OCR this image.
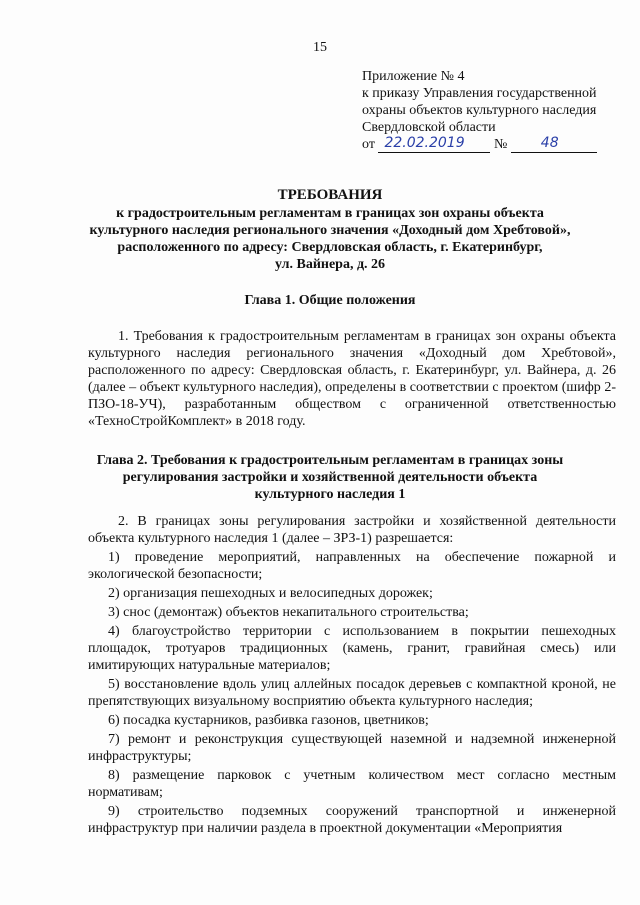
15
Приложение № 4
к приказу Управления государственной
охраны объектов культурного наследия
Свердловской области
от 22.02.2019 № 48
ТРЕБОВАНИЯ
к градостроительным регламентам в границах зон охраны объекта
культурного наследия регионального значения «Доходный дом Хребтовой»,
расположенного по адресу: Свердловская область, г. Екатеринбург,
ул. Вайнера, д. 26
Глава 1. Общие положения

1. Требования к градостроительным регламентам в границах зон охраны объекта культурного наследия регионального значения «Доходный дом Хребтовой», расположенного по адресу: Свердловская область, г. Екатеринбург, ул. Вайнера, д. 26 (далее – объект культурного наследия), определены в соответствии с проектом (шифр 2-ПЗО-18-УЧ), разработанным обществом с ограниченной ответственностью «ТехноСтройКомплект» в 2018 году.

Глава 2. Требования к градостроительным регламентам в границах зоны
регулирования застройки и хозяйственной деятельности объекта
культурного наследия 1

2. В границах зоны регулирования застройки и хозяйственной деятельности объекта культурного наследия 1 (далее – ЗРЗ-1) разрешается:

1) проведение мероприятий, направленных на обеспечение пожарной и экологической безопасности;

2) организация пешеходных и велосипедных дорожек;

3) снос (демонтаж) объектов некапитального строительства;

4) благоустройство территории с использованием в покрытии пешеходных площадок, тротуаров традиционных (камень, гранит, гравийная смесь) или имитирующих натуральные материалов;

5) восстановление вдоль улиц аллейных посадок деревьев с компактной кроной, не препятствующих визуальному восприятию объекта культурного наследия;

6) посадка кустарников, разбивка газонов, цветников;

7) ремонт и реконструкция существующей наземной и надземной инженерной инфраструктуры;

8) размещение парковок с учетным количеством мест согласно местным нормативам;

9) строительство подземных сооружений транспортной и инженерной инфраструктур при наличии раздела в проектной документации «Мероприятия
